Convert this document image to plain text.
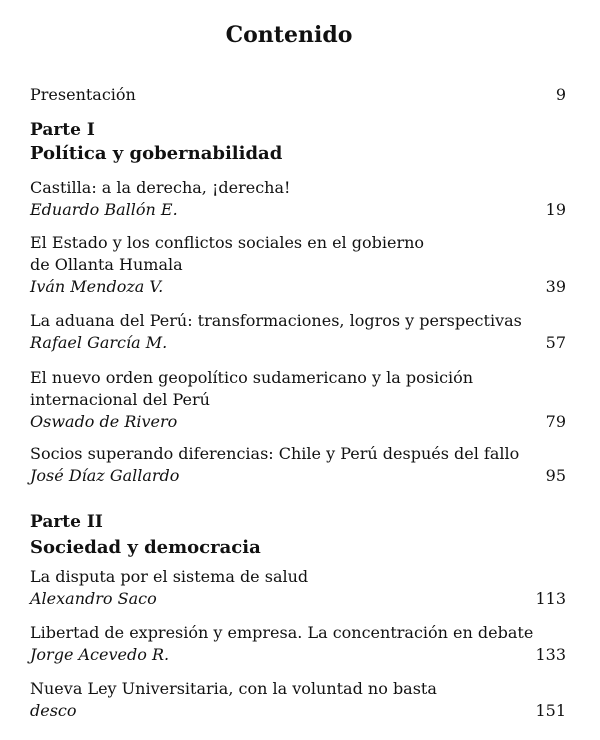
Contenido
Presentación	9
Parte I
Política y gobernabilidad
Castilla: a la derecha, ¡derecha!
Eduardo Ballón E.	19
El Estado y los conflictos sociales en el gobierno
de Ollanta Humala
Iván Mendoza V.	39
La aduana del Perú: transformaciones, logros y perspectivas
Rafael García M.	57
El nuevo orden geopolítico sudamericano y la posición
internacional del Perú
Oswado de Rivero	79
Socios superando diferencias: Chile y Perú después del fallo
José Díaz Gallardo	95
Parte II
Sociedad y democracia
La disputa por el sistema de salud
Alexandro Saco	113
Libertad de expresión y empresa. La concentración en debate
Jorge Acevedo R.	133
Nueva Ley Universitaria, con la voluntad no basta
desco	151
